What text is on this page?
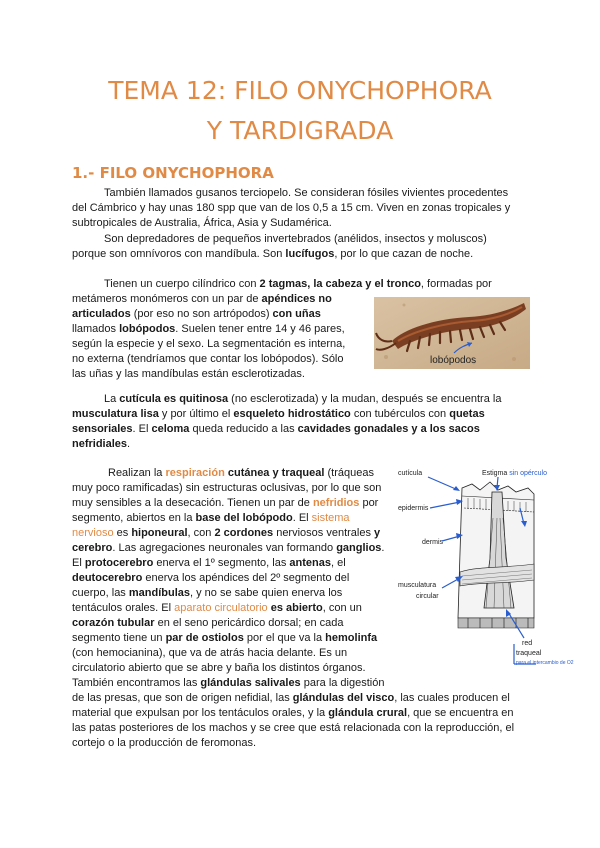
TEMA 12: FILO ONYCHOPHORA
Y TARDIGRADA
1.- FILO ONYCHOPHORA

También llamados gusanos terciopelo. Se consideran fósiles vivientes procedentes

del Cámbrico y hay unas 180 spp que van de los 0,5 a 15 cm. Viven en zonas tropicales y

subtropicales de Australia, África, Asia y Sudamérica.

Son depredadores de pequeños invertebrados (anélidos, insectos y moluscos)

porque son omnívoros con mandíbula. Son lucífugos, por lo que cazan de noche.

Tienen un cuerpo cilíndrico con 2 tagmas, la cabeza y el tronco, formadas por

metámeros monómeros con un par de apéndices no

articulados (por eso no son artrópodos) con uñas

llamados lobópodos. Suelen tener entre 14 y 46 pares,

según la especie y el sexo. La segmentación es interna,

no externa (tendríamos que contar los lobópodos). Sólo

las uñas y las mandíbulas están esclerotizadas.

lobópodos

La cutícula es quitinosa (no esclerotizada) y la mudan, después se encuentra la

musculatura lisa y por último el esqueleto hidrostático con tubérculos con quetas

sensoriales. El celoma queda reducido a las cavidades gonadales y a los sacos

nefridiales.

Realizan la respiración cutánea y traqueal (tráqueas

muy poco ramificadas) sin estructuras oclusivas, por lo que son

muy sensibles a la desecación. Tienen un par de nefridios por

segmento, abiertos en la base del lobópodo. El sistema

nervioso es hiponeural, con 2 cordones nerviosos ventrales y

cerebro. Las agregaciones neuronales van formando ganglios.

El protocerebro enerva el 1º segmento, las antenas, el

deutocerebro enerva los apéndices del 2º segmento del

cuerpo, las mandíbulas, y no se sabe quien enerva los

tentáculos orales. El aparato circulatorio es abierto, con un

corazón tubular en el seno pericárdico dorsal; en cada

segmento tiene un par de ostiolos por el que va la hemolinfa

(con hemocianina), que va de atrás hacia delante. Es un

circulatorio abierto que se abre y baña los distintos órganos.

También encontramos las glándulas salivales para la digestión

de las presas, que son de origen nefidial, las glándulas del visco, las cuales producen el

material que expulsan por los tentáculos orales, y la glándula crural, que se encuentra en

las patas posteriores de los machos y se cree que está relacionada con la reproducción, el

cortejo o la producción de feromonas.

cutícula	Estigma sin opérculo
epidermis
dermis
musculatura
circular
red
traqueal
para el intercambio de O2
